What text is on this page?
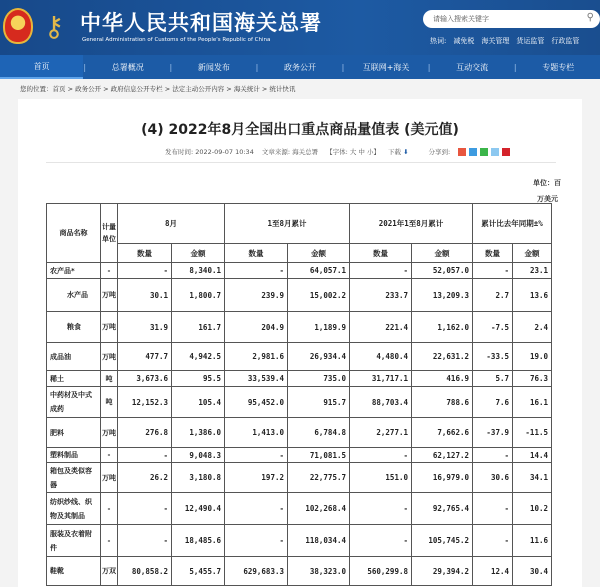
⚷ 中华人民共和国海关总署
General Administration of Customs of the People's Republic of China
请输入搜索关键字	⚲
热词: 减免税 海关管理 货运监管 行政监管
首页	|	总署概况	|	新闻发布	|	政务公开	|	互联网+海关	|	互动交流	|	专题专栏
您的位置：首页 > 政务公开 > 政府信息公开专栏 > 法定主动公开内容 > 海关统计 > 统计快讯
(4) 2022年8月全国出口重点商品量值表 (美元值)
发布时间: 2022-09-07 10:34 文章来源: 海关总署 【字体: 大 中 小】 下载 ⬇	分享到:
单位：百
万美元
商品名称	计量单位	8月		1至8月累计		2021年1至8月累计		累计比去年同期±%	
		数量	金额	数量	金额	数量	金额	数量	金额
农产品*	-	-	8,340.1	-	64,057.1	-	52,057.0	-	23.1
水产品	万吨	30.1	1,800.7	239.9	15,002.2	233.7	13,209.3	2.7	13.6
粮食	万吨	31.9	161.7	204.9	1,189.9	221.4	1,162.0	-7.5	2.4
成品油	万吨	477.7	4,942.5	2,981.6	26,934.4	4,480.4	22,631.2	-33.5	19.0
稀土	吨	3,673.6	95.5	33,539.4	735.0	31,717.1	416.9	5.7	76.3
中药材及中式成药	吨	12,152.3	105.4	95,452.0	915.7	88,703.4	788.6	7.6	16.1
肥料	万吨	276.8	1,386.0	1,413.0	6,784.8	2,277.1	7,662.6	-37.9	-11.5
塑料制品	-	-	9,048.3	-	71,081.5	-	62,127.2	-	14.4
箱包及类似容器	万吨	26.2	3,180.8	197.2	22,775.7	151.0	16,979.0	30.6	34.1
纺织纱线、织物及其制品	-	-	12,490.4	-	102,268.4	-	92,765.4	-	10.2
服装及衣着附件	-	-	18,485.6	-	118,034.4	-	105,745.2	-	11.6
鞋靴	万双	80,858.2	5,455.7	629,683.3	38,323.0	560,299.8	29,394.2	12.4	30.4
